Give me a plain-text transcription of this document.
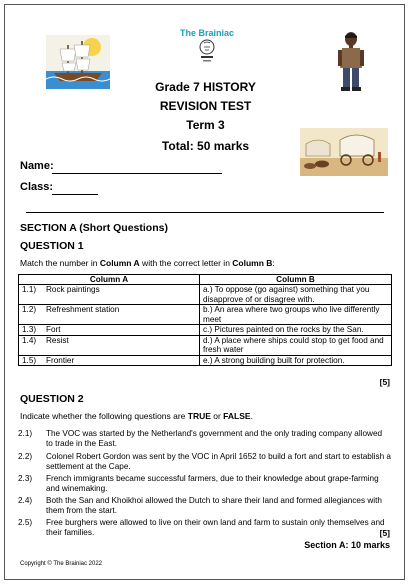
The Brainiac
Grade 7 HISTORY
REVISION TEST
Term 3
Total: 50 marks
Name:
Class:
SECTION A (Short Questions)
QUESTION 1
Match the number in Column A with the correct letter in Column B:
Column A		Column B
1.1)	Rock paintings	a.) To oppose (go against) something that you disapprove of or disagree with.
1.2)	Refreshment station	b.) An area where two groups who live differently meet
1.3)	Fort	c.) Pictures painted on the rocks by the San.
1.4)	Resist	d.) A place where ships could stop to get food and fresh water
1.5)	Frontier	e.) A strong building built for protection.
[5]
QUESTION 2
Indicate whether the following questions are TRUE or FALSE.
2.1)	The VOC was started by the Netherland's government and the only trading company allowed to trade in the East.
2.2)	Colonel Robert Gordon was sent by the VOC in April 1652 to build a fort and start to establish a settlement at the Cape.
2.3)	French immigrants became successful farmers, due to their knowledge about grape-farming and winemaking.
2.4)	Both the San and Khoikhoi allowed the Dutch to share their land and formed allegiances with them from the start.
2.5)	Free burghers were allowed to live on their own land and farm to sustain only themselves and their families.	[5]
Section A: 10 marks
Copyright © The Brainiac 2022
